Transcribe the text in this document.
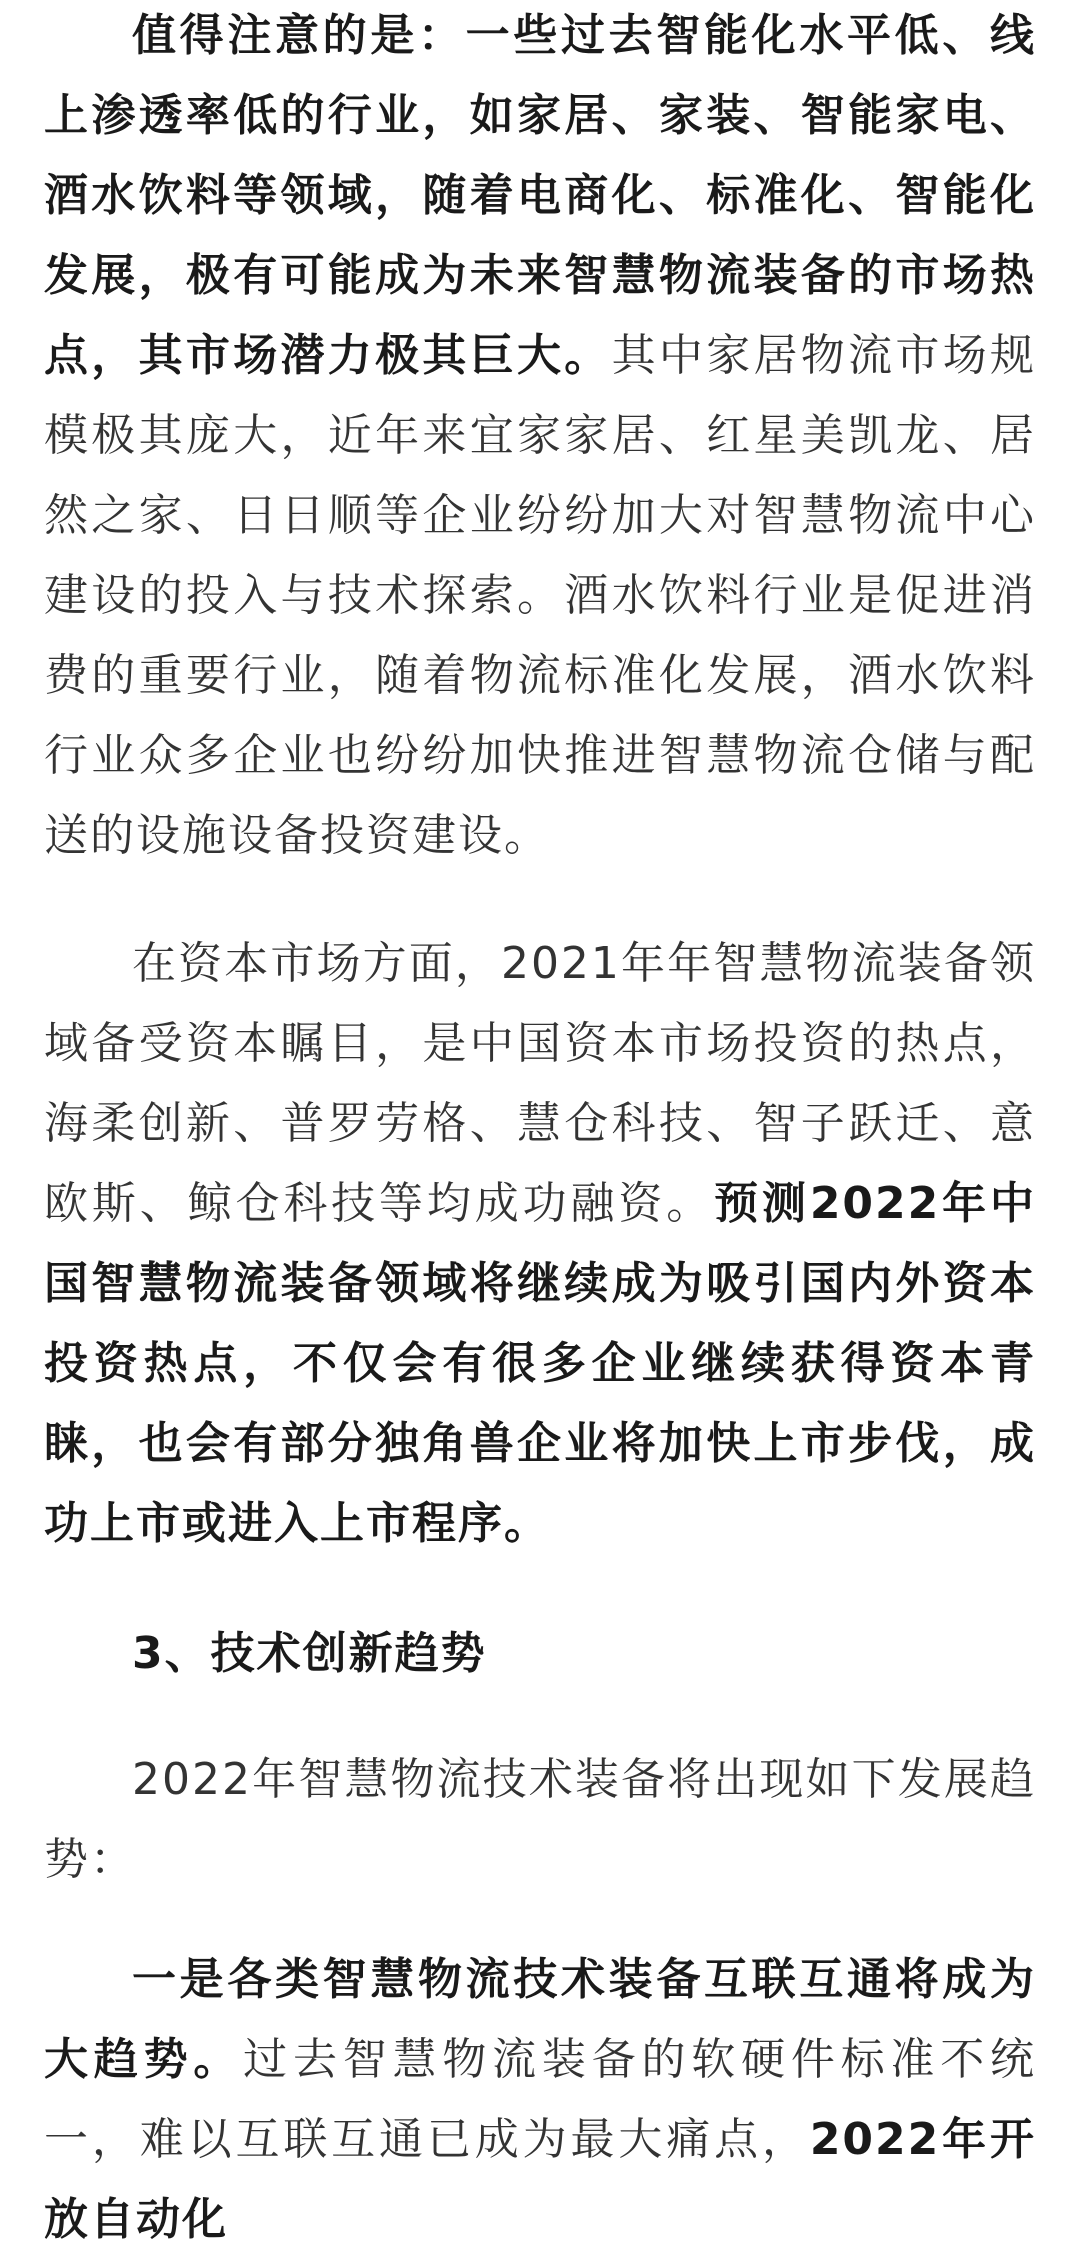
值得注意的是：一些过去智能化水平低、线上渗透率低的行业，如家居、家装、智能家电、酒水饮料等领域，随着电商化、标准化、智能化发展，极有可能成为未来智慧物流装备的市场热点，其市场潜力极其巨大。其中家居物流市场规模极其庞大，近年来宜家家居、红星美凯龙、居然之家、日日顺等企业纷纷加大对智慧物流中心建设的投入与技术探索。酒水饮料行业是促进消费的重要行业，随着物流标准化发展，酒水饮料行业众多企业也纷纷加快推进智慧物流仓储与配送的设施设备投资建设。

在资本市场方面，2021年年智慧物流装备领域备受资本瞩目，是中国资本市场投资的热点，海柔创新、普罗劳格、慧仓科技、智子跃迁、意欧斯、鲸仓科技等均成功融资。预测2022年中国智慧物流装备领域将继续成为吸引国内外资本投资热点，不仅会有很多企业继续获得资本青睐，也会有部分独角兽企业将加快上市步伐，成功上市或进入上市程序。

3、技术创新趋势

2022年智慧物流技术装备将出现如下发展趋势：

一是各类智慧物流技术装备互联互通将成为大趋势。过去智慧物流装备的软硬件标准不统一，难以互联互通已成为最大痛点，2022年开放自动化
